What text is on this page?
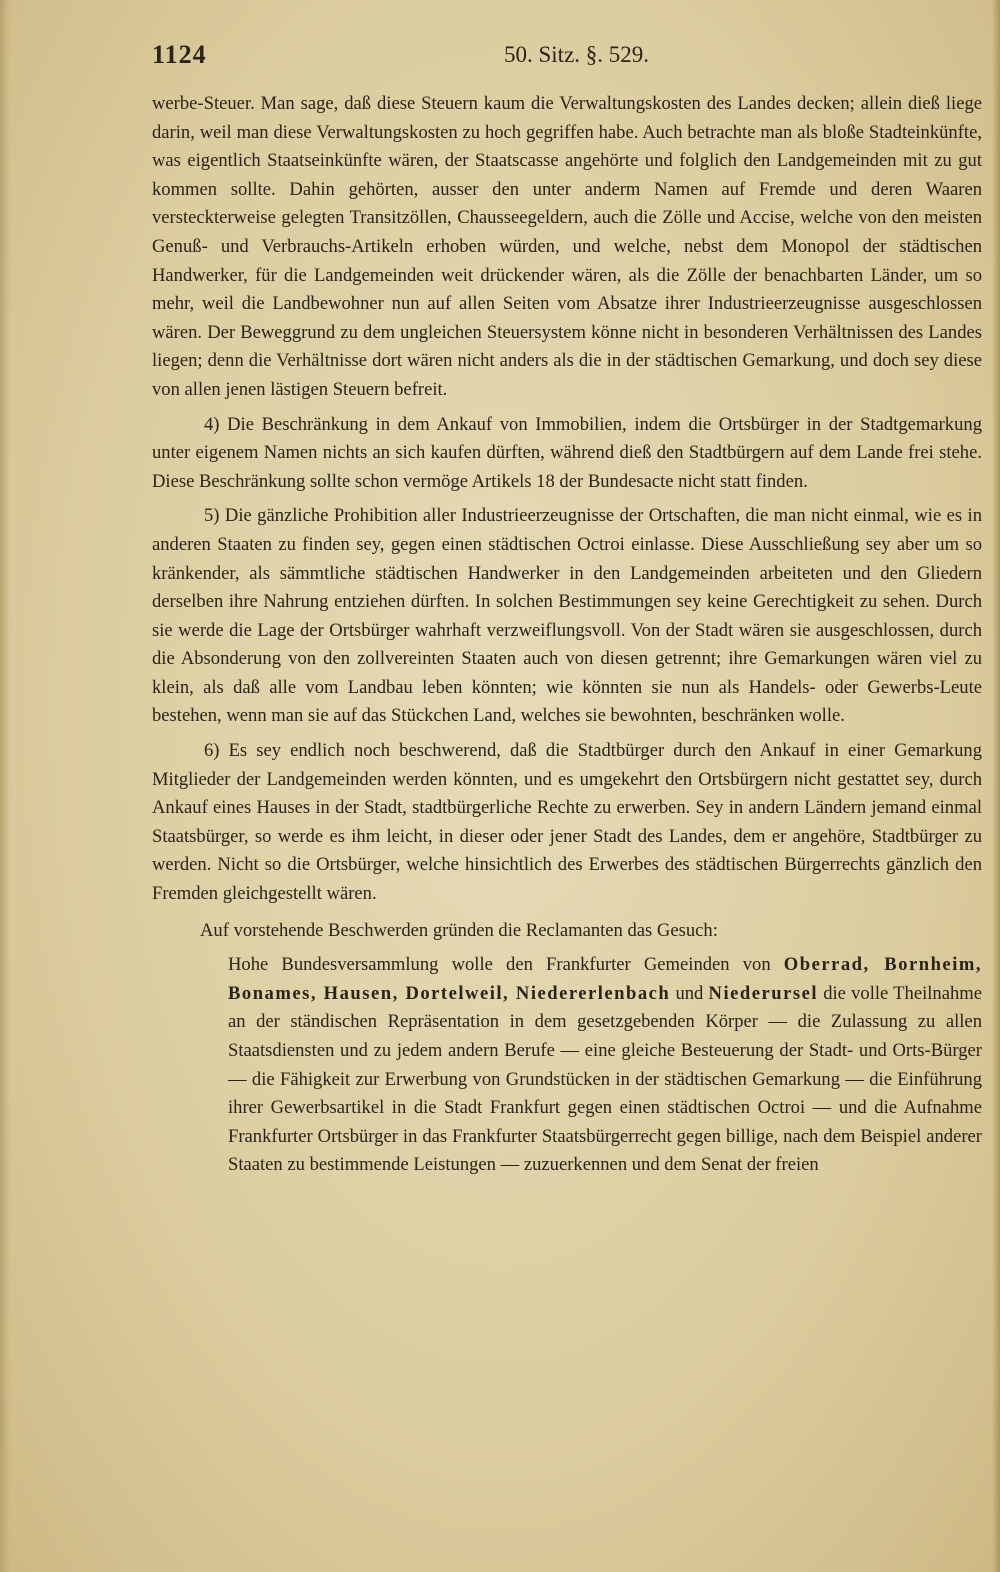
1124	50. Sitz. §. 529.

werbe-Steuer. Man sage, daß diese Steuern kaum die Verwaltungskosten des Landes decken; allein dieß liege darin, weil man diese Verwaltungskosten zu hoch gegriffen habe. Auch betrachte man als bloße Stadteinkünfte, was eigentlich Staatseinkünfte wären, der Staatscasse angehörte und folglich den Landgemeinden mit zu gut kommen sollte. Dahin gehörten, ausser den unter anderm Namen auf Fremde und deren Waaren versteckterweise gelegten Transitzöllen, Chausseegeldern, auch die Zölle und Accise, welche von den meisten Genuß- und Verbrauchs-Artikeln erhoben würden, und welche, nebst dem Monopol der städtischen Handwerker, für die Landgemeinden weit drückender wären, als die Zölle der benachbarten Länder, um so mehr, weil die Landbewohner nun auf allen Seiten vom Absatze ihrer Industrieerzeugnisse ausgeschlossen wären. Der Beweggrund zu dem ungleichen Steuersystem könne nicht in besonderen Verhältnissen des Landes liegen; denn die Verhältnisse dort wären nicht anders als die in der städtischen Gemarkung, und doch sey diese von allen jenen lästigen Steuern befreit.

4) Die Beschränkung in dem Ankauf von Immobilien, indem die Ortsbürger in der Stadtgemarkung unter eigenem Namen nichts an sich kaufen dürften, während dieß den Stadtbürgern auf dem Lande frei stehe. Diese Beschränkung sollte schon vermöge Artikels 18 der Bundesacte nicht statt finden.

5) Die gänzliche Prohibition aller Industrieerzeugnisse der Ortschaften, die man nicht einmal, wie es in anderen Staaten zu finden sey, gegen einen städtischen Octroi einlasse. Diese Ausschließung sey aber um so kränkender, als sämmtliche städtischen Handwerker in den Landgemeinden arbeiteten und den Gliedern derselben ihre Nahrung entziehen dürften. In solchen Bestimmungen sey keine Gerechtigkeit zu sehen. Durch sie werde die Lage der Ortsbürger wahrhaft verzweiflungsvoll. Von der Stadt wären sie ausgeschlossen, durch die Absonderung von den zollvereinten Staaten auch von diesen getrennt; ihre Gemarkungen wären viel zu klein, als daß alle vom Landbau leben könnten; wie könnten sie nun als Handels- oder Gewerbs-Leute bestehen, wenn man sie auf das Stückchen Land, welches sie bewohnten, beschränken wolle.

6) Es sey endlich noch beschwerend, daß die Stadtbürger durch den Ankauf in einer Gemarkung Mitglieder der Landgemeinden werden könnten, und es umgekehrt den Ortsbürgern nicht gestattet sey, durch Ankauf eines Hauses in der Stadt, stadtbürgerliche Rechte zu erwerben. Sey in andern Ländern jemand einmal Staatsbürger, so werde es ihm leicht, in dieser oder jener Stadt des Landes, dem er angehöre, Stadtbürger zu werden. Nicht so die Ortsbürger, welche hinsichtlich des Erwerbes des städtischen Bürgerrechts gänzlich den Fremden gleichgestellt wären.

Auf vorstehende Beschwerden gründen die Reclamanten das Gesuch:

Hohe Bundesversammlung wolle den Frankfurter Gemeinden von Oberrad, Bornheim, Bonames, Hausen, Dortelweil, Niedererlenbach und Niederursel die volle Theilnahme an der ständischen Repräsentation in dem gesetzgebenden Körper — die Zulassung zu allen Staatsdiensten und zu jedem andern Berufe — eine gleiche Besteuerung der Stadt- und Orts-Bürger — die Fähigkeit zur Erwerbung von Grundstücken in der städtischen Gemarkung — die Einführung ihrer Gewerbsartikel in die Stadt Frankfurt gegen einen städtischen Octroi — und die Aufnahme Frankfurter Ortsbürger in das Frankfurter Staatsbürgerrecht gegen billige, nach dem Beispiel anderer Staaten zu bestimmende Leistungen — zuzuerkennen und dem Senat der freien
